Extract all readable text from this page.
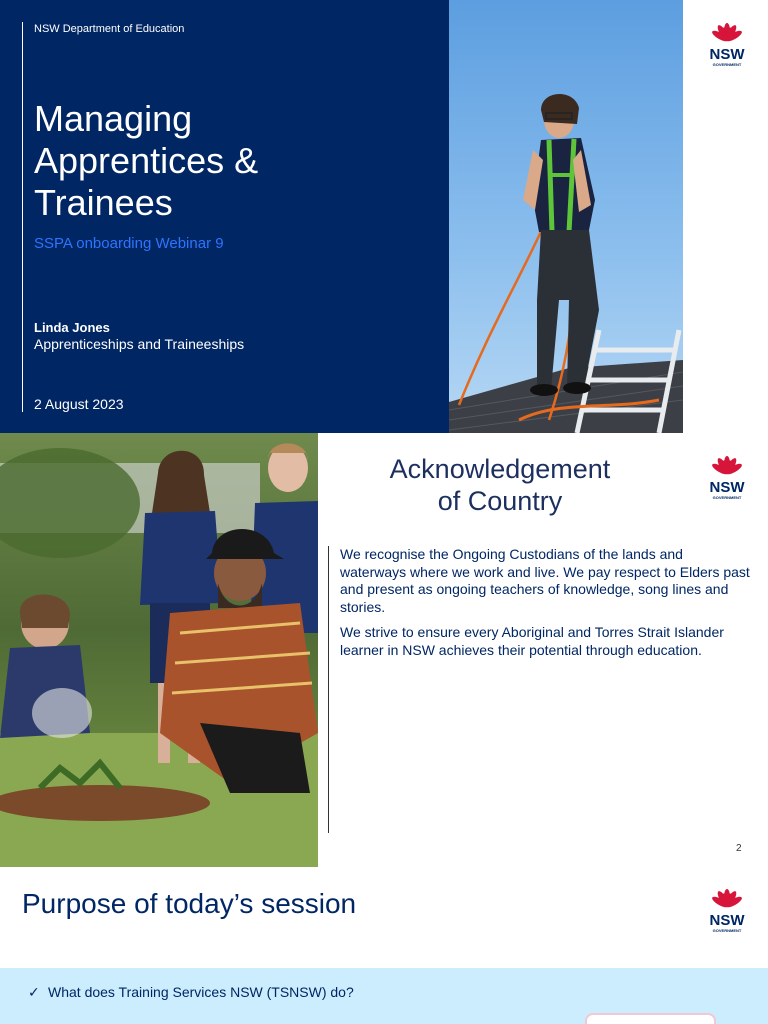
NSW Department of Education
Managing
Apprentices &
Trainees
SSPA onboarding Webinar 9
Linda Jones
Apprenticeships and Traineeships
2 August 2023
NSW
GOVERNMENT
Acknowledgement
of Country	NSW
GOVERNMENT

We recognise the Ongoing Custodians of the lands and waterways where we work and live. We pay respect to Elders past and present as ongoing teachers of knowledge, song lines and stories.

We strive to ensure every Aboriginal and Torres Strait Islander learner in NSW achieves their potential through education.

2
Purpose of today’s session
NSW
GOVERNMENT
✓ What does Training Services NSW (TSNSW) do?
